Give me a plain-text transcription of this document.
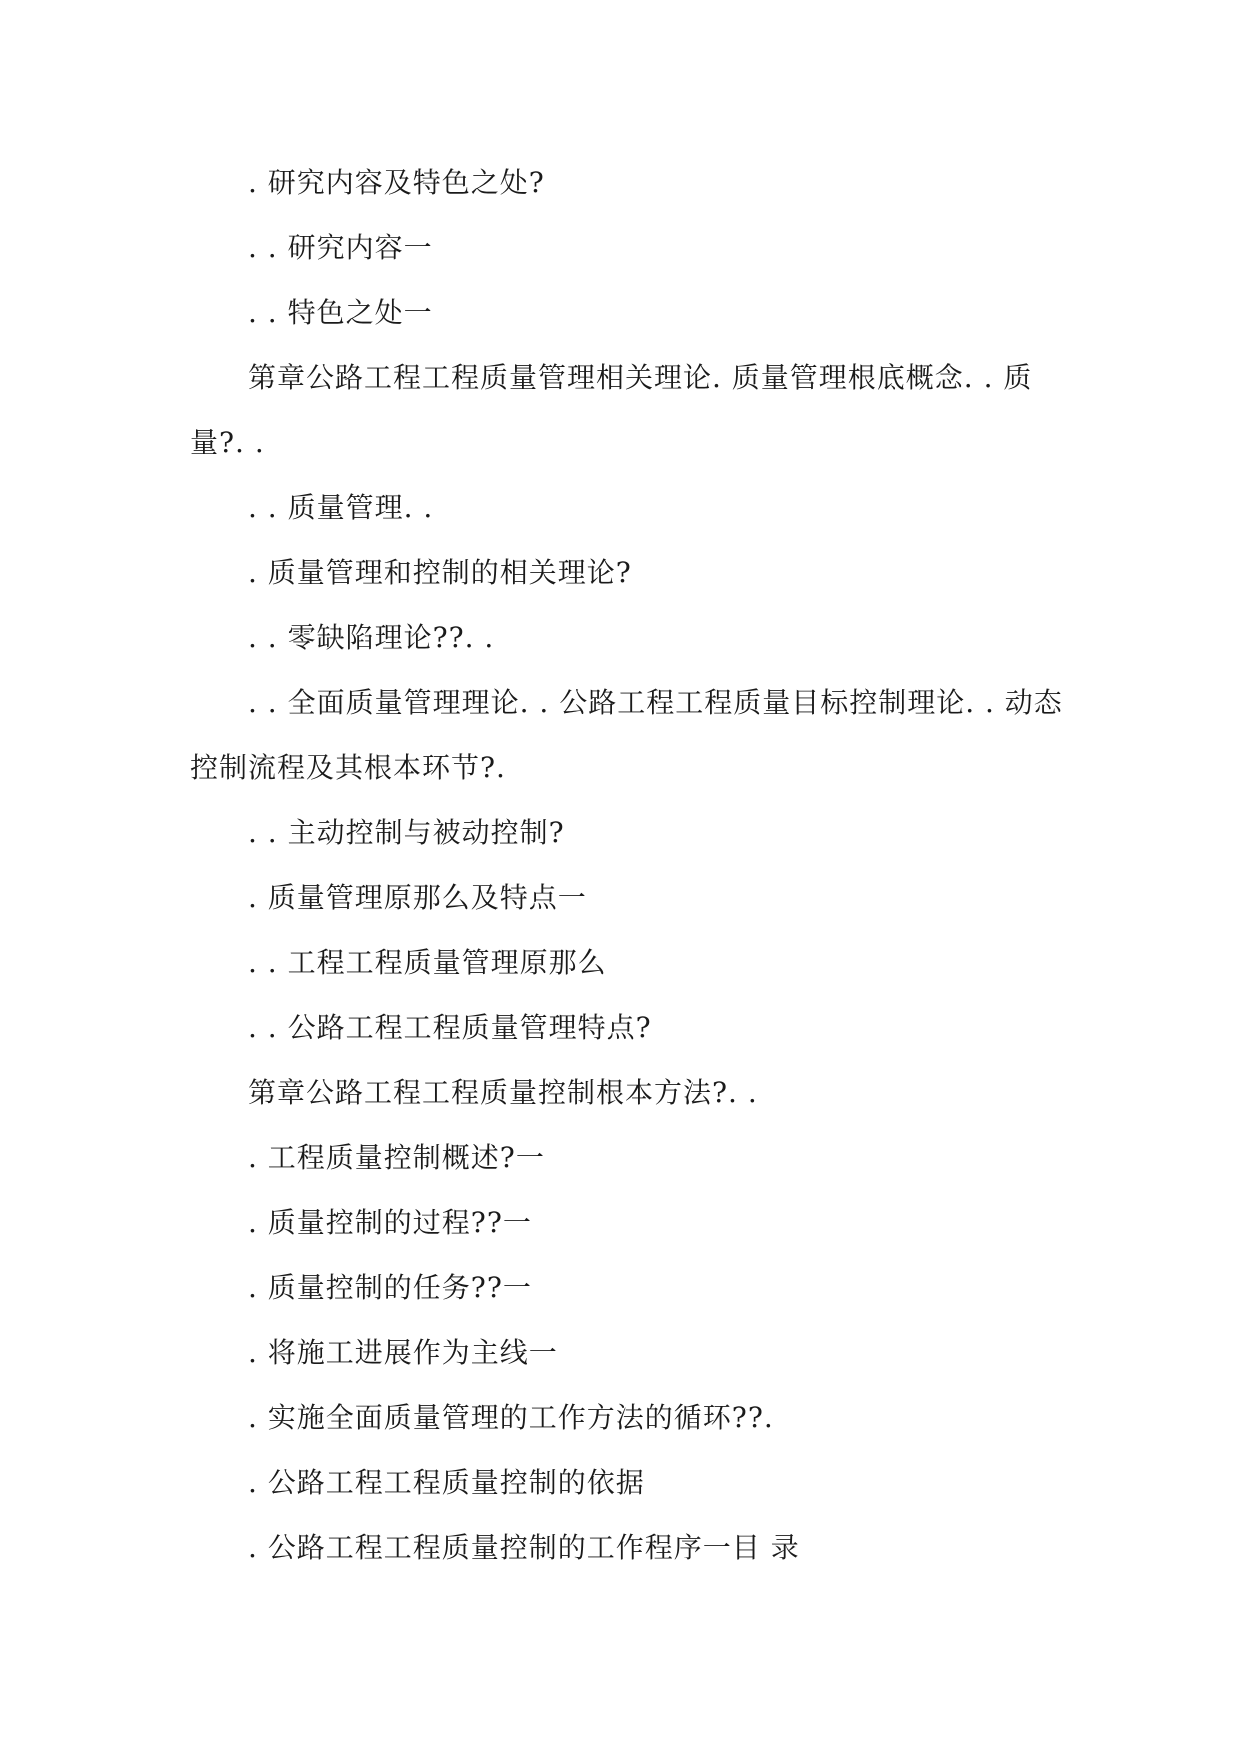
. 研究内容及特色之处?
. . 研究内容一
. . 特色之处一
第章公路工程工程质量管理相关理论. 质量管理根底概念. . 质
量?. .
. . 质量管理. .
. 质量管理和控制的相关理论?
. . 零缺陷理论??. .
. . 全面质量管理理论. . 公路工程工程质量目标控制理论. . 动态
控制流程及其根本环节?.
. . 主动控制与被动控制?
. 质量管理原那么及特点一
. . 工程工程质量管理原那么
. . 公路工程工程质量管理特点?
第章公路工程工程质量控制根本方法?. .
. 工程质量控制概述?一
. 质量控制的过程??一
. 质量控制的任务??一
. 将施工进展作为主线一
. 实施全面质量管理的工作方法的循环??.
. 公路工程工程质量控制的依据
. 公路工程工程质量控制的工作程序一目 录
